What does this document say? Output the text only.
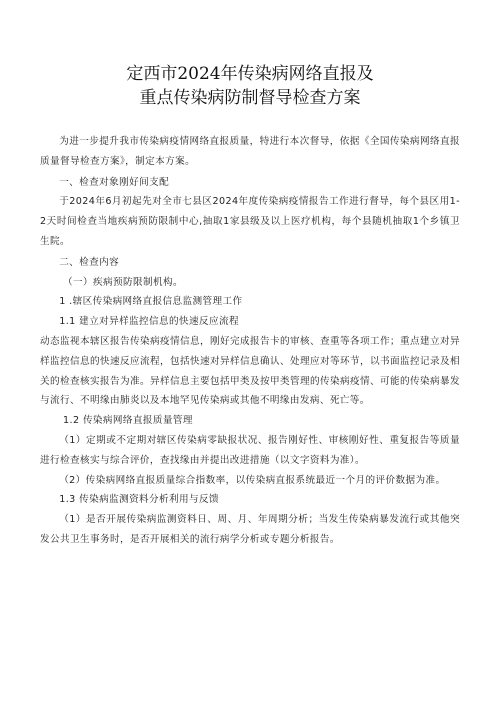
定西市2024年传染病网络直报及
重点传染病防制督导检查方案

为进一步提升我市传染病疫情网络直报质量，特进行本次督导，依据《全国传染病网络直报质量督导检查方案》，制定本方案。

一、检查对象刚好间支配

于2024年6月初起先对全市七县区2024年度传染病疫情报告工作进行督导，每个县区用1-2天时间检查当地疾病预防限制中心,抽取1家县级及以上医疗机构，每个县随机抽取1个乡镇卫生院。

二、检查内容

（一）疾病预防限制机构。

1 .辖区传染病网络直报信息监测管理工作

1.1 建立对异样监控信息的快速反应流程

动态监视本辖区报告传染病疫情信息，刚好完成报告卡的审核、查重等各项工作；重点建立对异样监控信息的快速反应流程，包括快速对异样信息确认、处理应对等环节，以书面监控记录及相关的检查核实报告为准。异样信息主要包括甲类及按甲类管理的传染病疫情、可能的传染病暴发与流行、不明缘由肺炎以及本地罕见传染病或其他不明缘由发病、死亡等。

1.2 传染病网络直报质量管理

（1）定期或不定期对辖区传染病零缺报状况、报告刚好性、审核刚好性、重复报告等质量进行检查核实与综合评价，查找缘由并提出改进措施（以文字资料为准）。

（2）传染病网络直报质量综合指数率，以传染病直报系统最近一个月的评价数据为准。

1.3 传染病监测资料分析利用与反馈

（1）是否开展传染病监测资料日、周、月、年周期分析；当发生传染病暴发流行或其他突发公共卫生事务时，是否开展相关的流行病学分析或专题分析报告。
